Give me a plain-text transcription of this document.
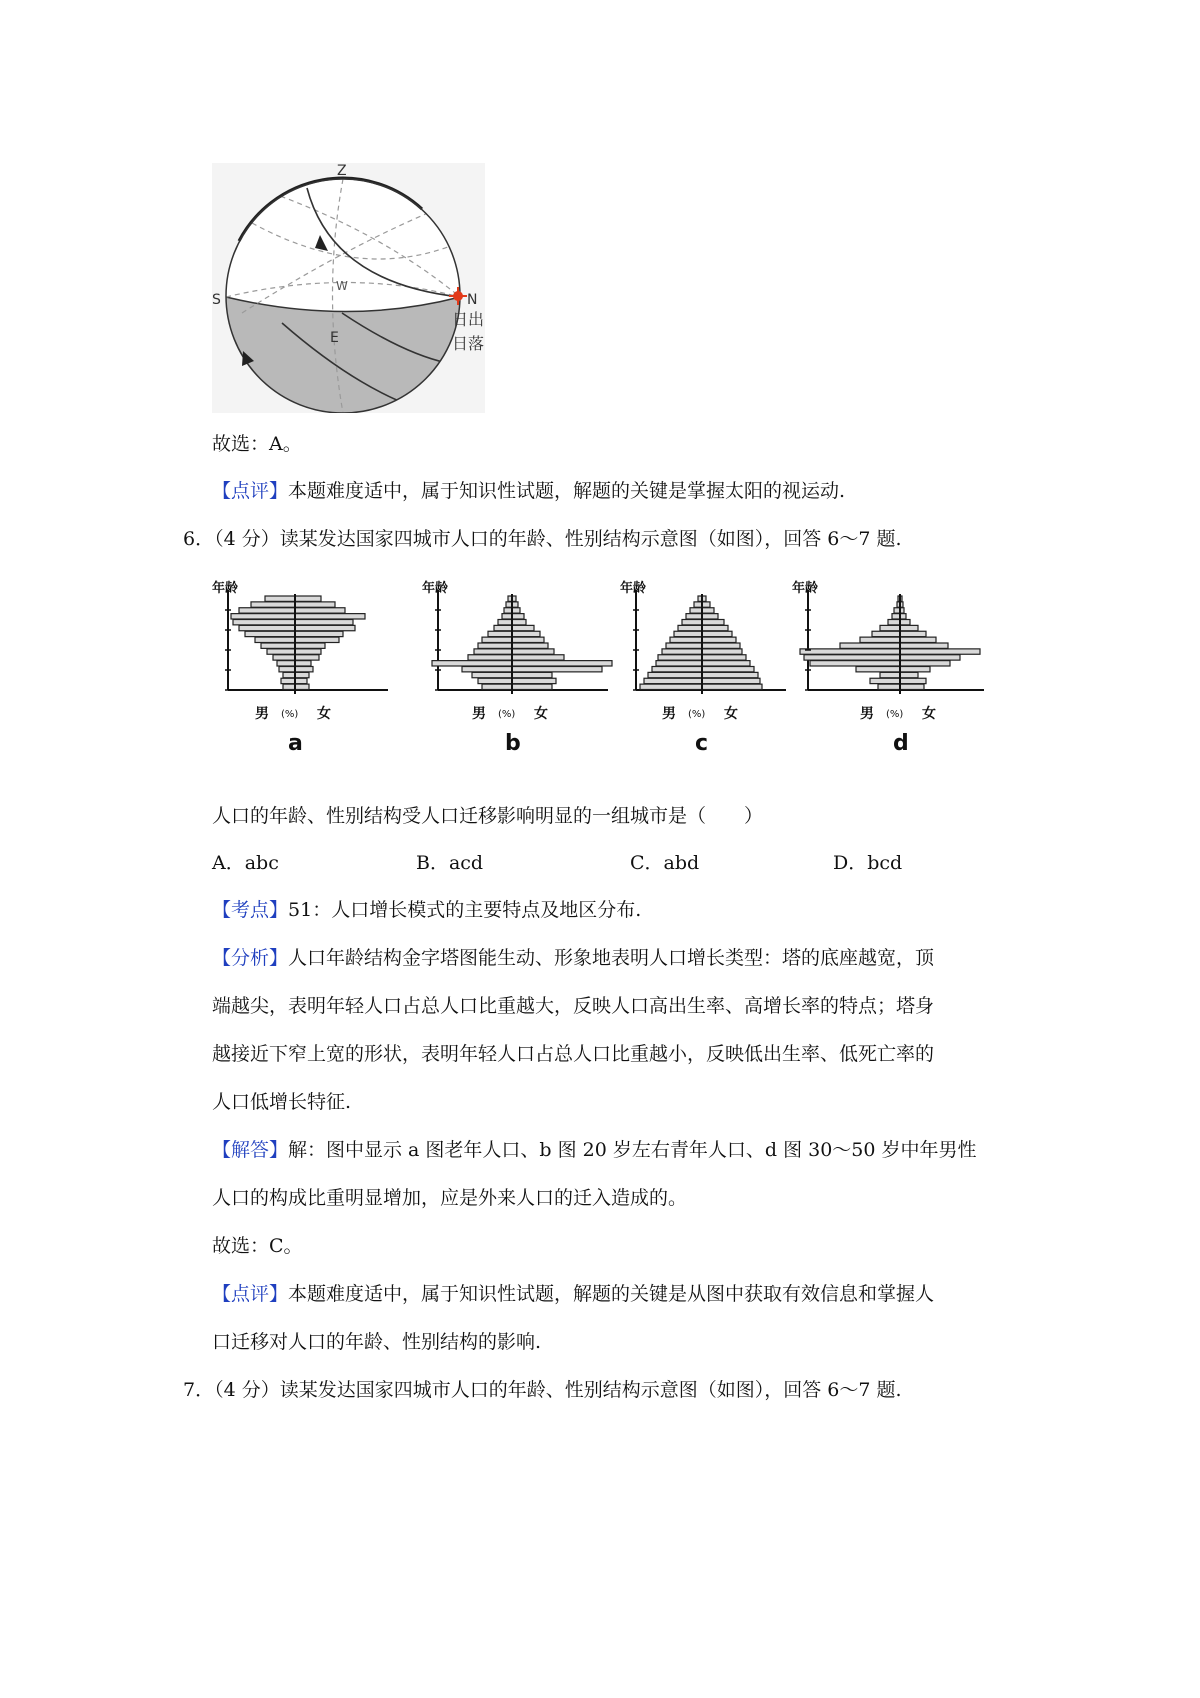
Z
S	N
W
E
日出
日落
故选：A。
【点评】本题难度适中，属于知识性试题，解题的关键是掌握太阳的视运动.
6．（4 分）读某发达国家四城市人口的年龄、性别结构示意图（如图），回答 6～7 题.
年龄
男 (%) 女
a
年龄
男 (%) 女
b
年龄
男 (%) 女
c
年龄
男 (%) 女
d
人口的年龄、性别结构受人口迁移影响明显的一组城市是（　　）
A．abc	B．acd	C．abd	D．bcd
【考点】51：人口增长模式的主要特点及地区分布.
【分析】人口年龄结构金字塔图能生动、形象地表明人口增长类型：塔的底座越宽，顶
端越尖，表明年轻人口占总人口比重越大，反映人口高出生率、高增长率的特点；塔身
越接近下窄上宽的形状，表明年轻人口占总人口比重越小，反映低出生率、低死亡率的
人口低增长特征.
【解答】解：图中显示 a 图老年人口、b 图 20 岁左右青年人口、d 图 30～50 岁中年男性
人口的构成比重明显增加，应是外来人口的迁入造成的。
故选：C。
【点评】本题难度适中，属于知识性试题，解题的关键是从图中获取有效信息和掌握人
口迁移对人口的年龄、性别结构的影响.
7．（4 分）读某发达国家四城市人口的年龄、性别结构示意图（如图），回答 6～7 题.
